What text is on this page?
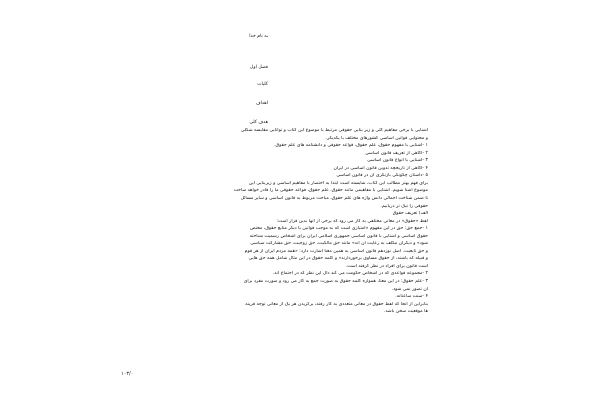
به نام خدا
فصل اول
کلیات
اهداف
هدف کلی
آشنایی با برخی مفاهیم کلی و زیر بنایی حقوقی مرتبط با موضوع این کتاب و توانایی مقایسه شکلی
و محتوایی قوانین اساسی کشورهای مختلف با یکدیگر.
۱ -آشنایی با مفهوم حقوق، علم حقوق، قواعد حقوقی و دانشنامه های علم حقوق.
۲ -آگاهی از تعریف قانون اساسی
۳ -آشنایی با انواع قانون اساسی
۴ -آگاهی از تاریخچه تدوین قانون اساسی در ایران
۵ -داستان چگونگی بازنگری آن در قانون اساسی
برای فهم بهتر مطالب این کتاب، شایسته است ابتدا به اختصار با مفاهیم اساسی و زیربنایی این
موضوع آشنا شویم. آشنایی با مفاهیمی مانند حقوق، علم حقوق، قواعد حقوقی ما را قادر خواهد ساخت
تا ضمن شناخت اجمالی دانش واژه های علم حقوق، مباحث مربوط به قانون اساسی و سایر مسائل
حقوقی را نیک تر دریابیم.
الف) تعریف حقوق
لفظ «حقوق» در معانی مختلفی به کار می رود که برخی از آنها بدین قرار است:
۱ -جمع حق: حق در این مفهوم «امتیازی است که به موجب قوانین یا دیگر منابع حقوق، مختص
حقوق اساسی و آشنایی با قانون اساسی جمهوری اسلامی ایران برای اشخاص رسمیت شناخته
شود» و دیگران مکلف به رعایت آن اند» مانند حق مالکیت، حق زوجیت، حق مشارکت سیاسی
و حق تابعیت. اصل نوزدهم قانون اساسی به همین معنا اشارت دارد: «همه مردم ایران از هر قوم
و قبیله که باشند، از حقوق مساوی برخوردارند» و کلمه حقوق در این مثال شامل همه حق هایی
است قانون برای افراد در نظر گرفته است.
۲ -مجموعه قواعدی که در اشخاص حکومت می کند دال این نظر که در اجتماع اند.
۳ -علم حقوق: در این معنا، همواره کلمه حقوق به صورت جمع به کار می رود و صورت مفرد برای
آن تصور نمی شود.
۴ -سنت ساعتانه.
بنابراین از آنجا که لفظ حقوق در معانی متعددی به کار رفته، برگزیدن هر یک از معانی توجه قرینه
ها موقعیت سخن باشد.
۱۰۳/۰
